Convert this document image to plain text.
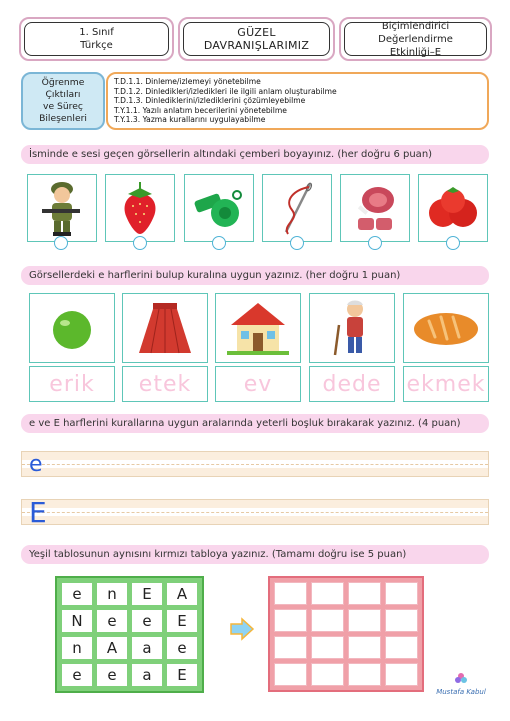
1. Sınıf
Türkçe
GÜZEL DAVRANIŞLARIMIZ
Biçimlendirici Değerlendirme
Etkinliği–E
Öğrenme Çıktıları
ve Süreç
Bileşenleri
T.D.1.1. Dinleme/izlemeyi yönetebilme
T.D.1.2. Dinledikleri/izledikleri ile ilgili anlam oluşturabilme
T.D.1.3. Dinlediklerini/izlediklerini çözümleyebilme
T.Y.1.1. Yazılı anlatım becerilerini yönetebilme
T.Y.1.3. Yazma kurallarını uygulayabilme
İsminde e sesi geçen görsellerin altındaki çemberi boyayınız. (her doğru 6 puan)
Görsellerdeki e harflerini bulup kuralına uygun yazınız. (her doğru 1 puan)
erik	etek	ev	dede	ekmek
e ve E harflerini kurallarına uygun aralarında yeterli boşluk bırakarak yazınız. (4 puan)
e
E
Yeşil tablosunun aynısını kırmızı tabloya yazınız. (Tamamı doğru ise 5 puan)
e	n	E	A
N	e	e	E
n	A	a	e
e	e	a	E

Mustafa Kabul
